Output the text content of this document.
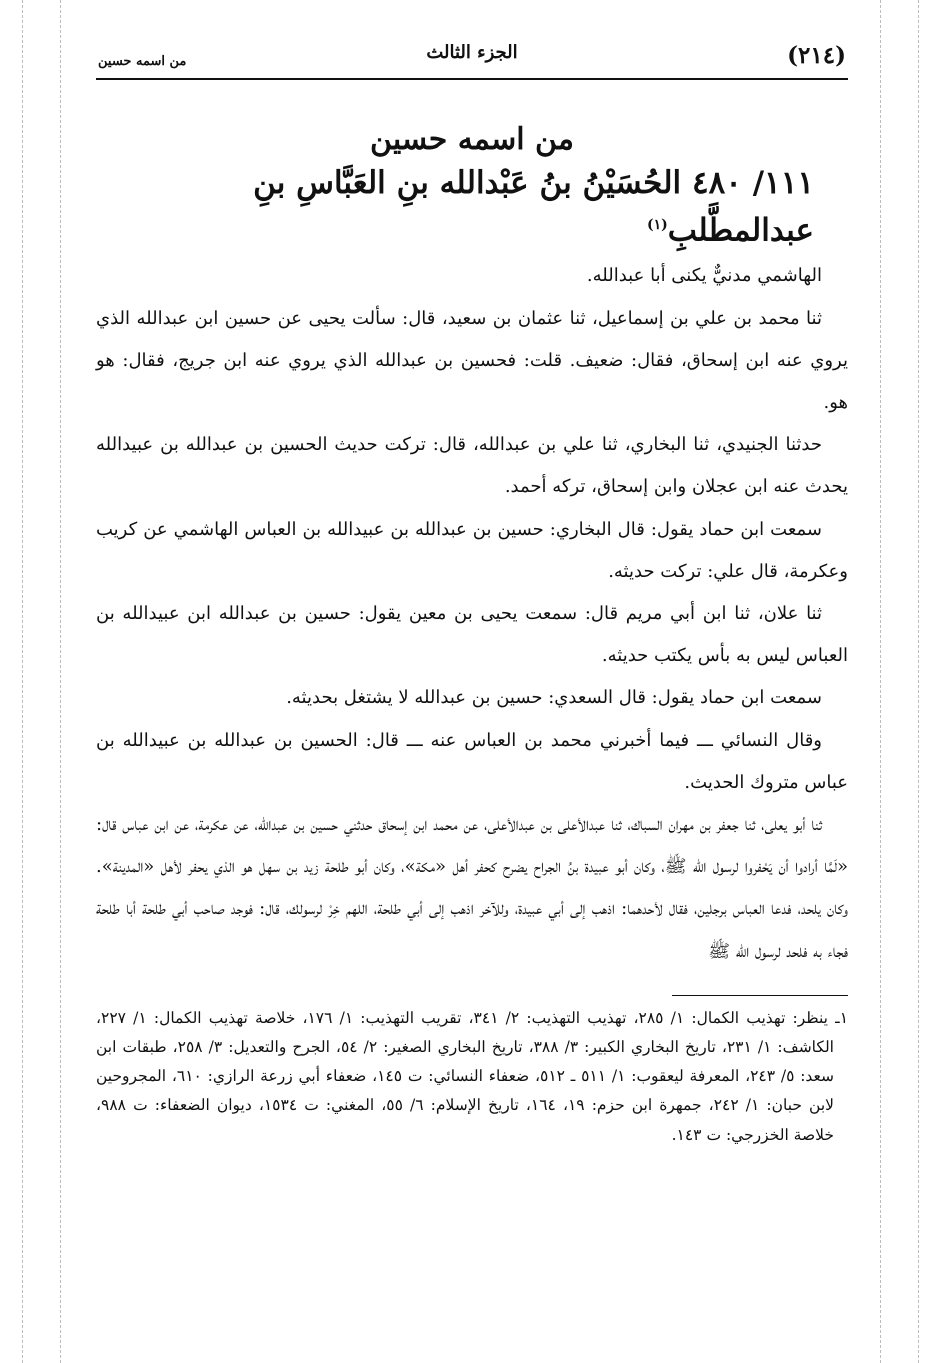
(٢١٤)
الجزء الثالث
من اسمه حسين
من اسمه حسين
١١١/ ٤٨٠ الحُسَيْنُ بنُ عَبْدالله بنِ العَبَّاسِ بنِ عبدالمطَّلبِ$^{(١)}$

الهاشمي مدنيٌّ يكنى أبا عبدالله.

ثنا محمد بن علي بن إسماعيل، ثنا عثمان بن سعيد، قال: سألت يحيى عن حسين ابن عبدالله الذي يروي عنه ابن إسحاق، فقال: ضعيف. قلت: فحسين بن عبدالله الذي يروي عنه ابن جريج، فقال: هو هو.

حدثنا الجنيدي، ثنا البخاري، ثنا علي بن عبدالله، قال: تركت حديث الحسين بن عبدالله بن عبيدالله يحدث عنه ابن عجلان وابن إسحاق، تركه أحمد.

سمعت ابن حماد يقول: قال البخاري: حسين بن عبدالله بن عبيدالله بن العباس الهاشمي عن كريب وعكرمة، قال علي: تركت حديثه.

ثنا علان، ثنا ابن أبي مريم قال: سمعت يحيى بن معين يقول: حسين بن عبدالله ابن عبيدالله بن العباس ليس به بأس يكتب حديثه.

سمعت ابن حماد يقول: قال السعدي: حسين بن عبدالله لا يشتغل بحديثه.

وقال النسائي ـــ فيما أخبرني محمد بن العباس عنه ـــ قال: الحسين بن عبدالله بن عبيدالله بن عباس متروك الحديث.

ثنا أبو يعلى، ثنا جعفر بن مهران السباك، ثنا عبدالأعلى بن عبدالأعلى، عن محمد ابن إسحاق حدثني حسين بن عبدالله، عن عكرمة، عن ابن عباس قال: «لَمَّا أرادوا أن يَحْفروا لرسول الله ﷺ، وكان أبو عبيدة بنُ الجراح يضرح كحفر أهل «مكة»، وكان أبو طلحة زيد بن سهل هو الذي يحفر لأهل «المدينة». وكان يلحد، فدعا العباس برجلين، فقال لأحدهما: اذهب إلى أبي عبيدة، وللآخر اذهب إلى أبي طلحة، اللهم خِرْ لرسولك، قال: فوجد صاحب أبي طلحة أبا طلحة فجاء به فلحد لرسول الله ﷺ

١ـ ينظر: تهذيب الكمال: ١/ ٢٨٥، تهذيب التهذيب: ٢/ ٣٤١، تقريب التهذيب: ١/ ١٧٦، خلاصة تهذيب الكمال: ١/ ٢٢٧، الكاشف: ١/ ٢٣١، تاريخ البخاري الكبير: ٣/ ٣٨٨، تاريخ البخاري الصغير: ٢/ ٥٤، الجرح والتعديل: ٣/ ٢٥٨، طبقات ابن سعد: ٥/ ٢٤٣، المعرفة ليعقوب: ١/ ٥١١ ـ ٥١٢، ضعفاء النسائي: ت ١٤٥، ضعفاء أبي زرعة الرازي: ٦١٠، المجروحين لابن حبان: ١/ ٢٤٢، جمهرة ابن حزم: ١٩، ١٦٤، تاريخ الإسلام: ٦/ ٥٥، المغني: ت ١٥٣٤، ديوان الضعفاء: ت ٩٨٨، خلاصة الخزرجي: ت ١٤٣.
